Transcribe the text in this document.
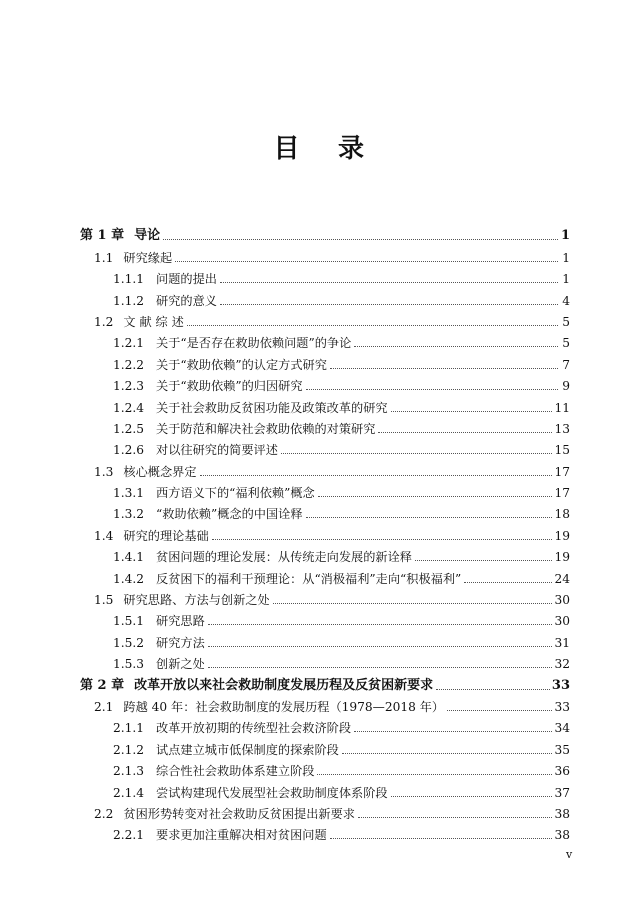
目 录
第 1 章 导论	1
1.1 研究缘起	1
1.1.1 问题的提出	1
1.1.2 研究的意义	4
1.2 文 献 综 述	5
1.2.1 关于“是否存在救助依赖问题”的争论	5
1.2.2 关于“救助依赖”的认定方式研究	7
1.2.3 关于“救助依赖”的归因研究	9
1.2.4 关于社会救助反贫困功能及政策改革的研究	11
1.2.5 关于防范和解决社会救助依赖的对策研究	13
1.2.6 对以往研究的简要评述	15
1.3 核心概念界定	17
1.3.1 西方语义下的“福利依赖”概念	17
1.3.2 “救助依赖”概念的中国诠释	18
1.4 研究的理论基础	19
1.4.1 贫困问题的理论发展：从传统走向发展的新诠释	19
1.4.2 反贫困下的福利干预理论：从“消极福利”走向“积极福利”	24
1.5 研究思路、方法与创新之处	30
1.5.1 研究思路	30
1.5.2 研究方法	31
1.5.3 创新之处	32
第 2 章 改革开放以来社会救助制度发展历程及反贫困新要求	33
2.1 跨越 40 年：社会救助制度的发展历程（1978—2018 年）	33
2.1.1 改革开放初期的传统型社会救济阶段	34
2.1.2 试点建立城市低保制度的探索阶段	35
2.1.3 综合性社会救助体系建立阶段	36
2.1.4 尝试构建现代发展型社会救助制度体系阶段	37
2.2 贫困形势转变对社会救助反贫困提出新要求	38
2.2.1 要求更加注重解决相对贫困问题	38
v
